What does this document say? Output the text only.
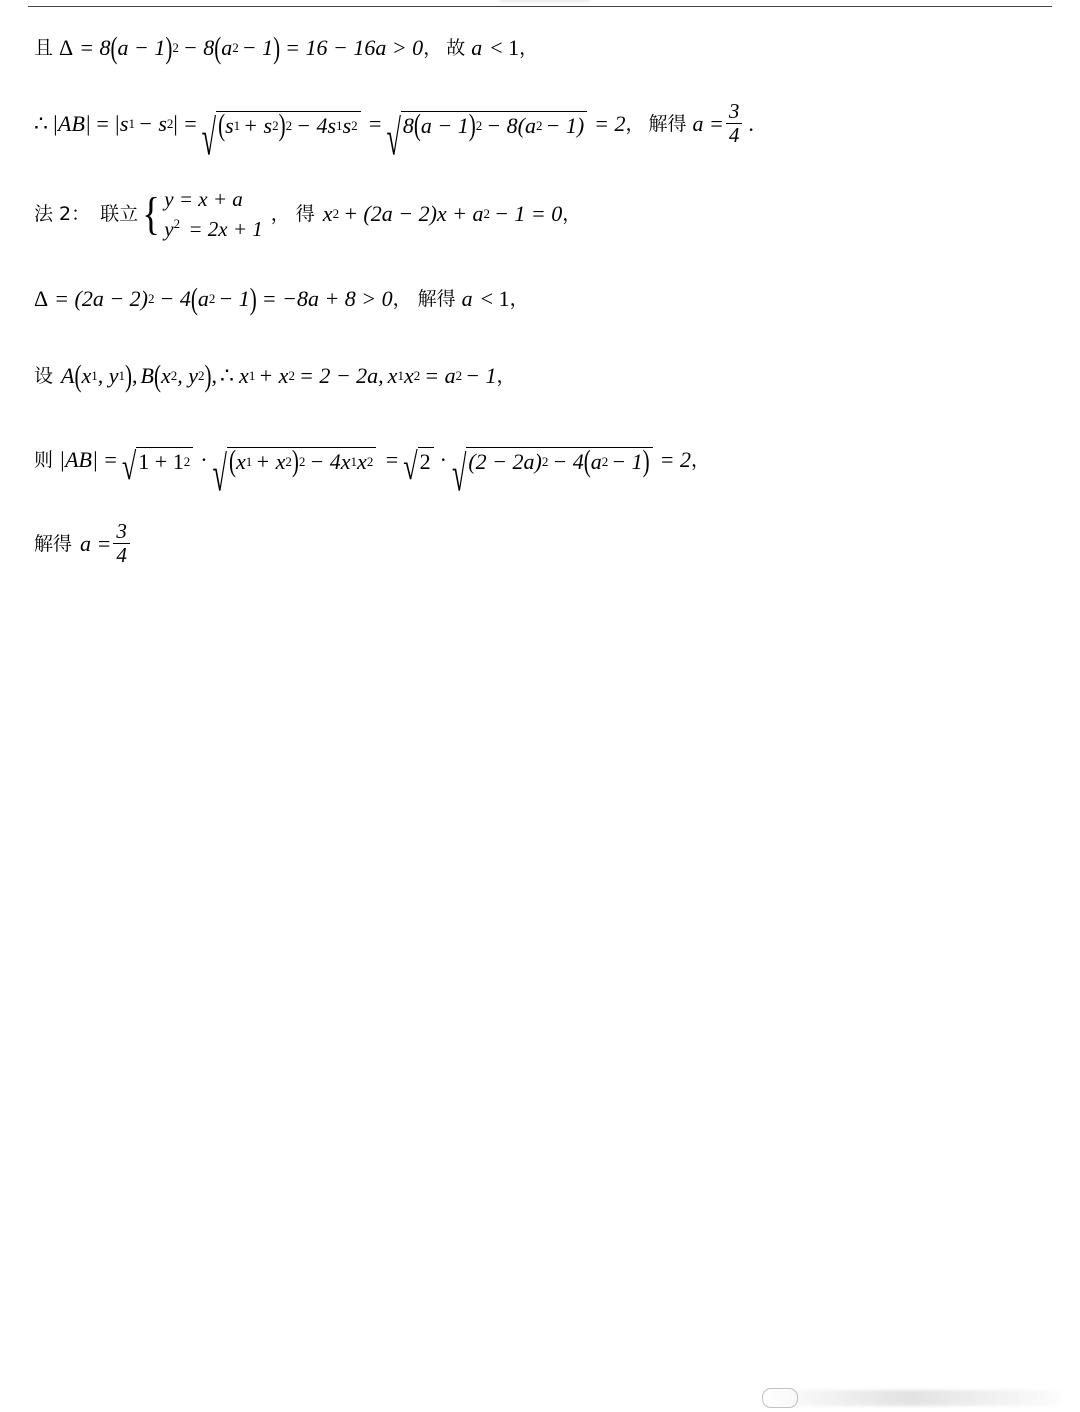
且 Δ = 8 ( a − 1 ) 2 − 8 ( a 2 − 1 ) = 16 − 16a > 0 ， 故 a < 1 ，
∴ |AB| = |s 1 − s 2 | = √ ( s 1 + s 2 ) 2 − 4s 1 s 2 = √ 8 ( a − 1 ) 2 − 8( a 2 − 1) = 2 ， 解得 $a = \frac{3}{4}$ .
法 2： 联立 { y = x + a
$y^2 = 2x + 1$
， 得 x 2 + (2a − 2)x + a 2 − 1 = 0 ，
Δ = (2a − 2) 2 − 4 ( a 2 − 1 ) = −8a + 8 > 0 ， 解得 a < 1 ，
设 A ( x 1 , y 1 ) , B ( x 2 , y 2 ) , ∴ x 1 + x 2 = 2 − 2a, x 1 x 2 = a 2 − 1 ，
则 |AB| = √ 1 + 1 2 · √ ( x 1 + x 2 ) 2 − 4x 1 x 2 = √ 2 · √ (2 − 2a) 2 − 4 ( a 2 − 1 ) = 2 ，
解得 $a = \frac{3}{4}$
